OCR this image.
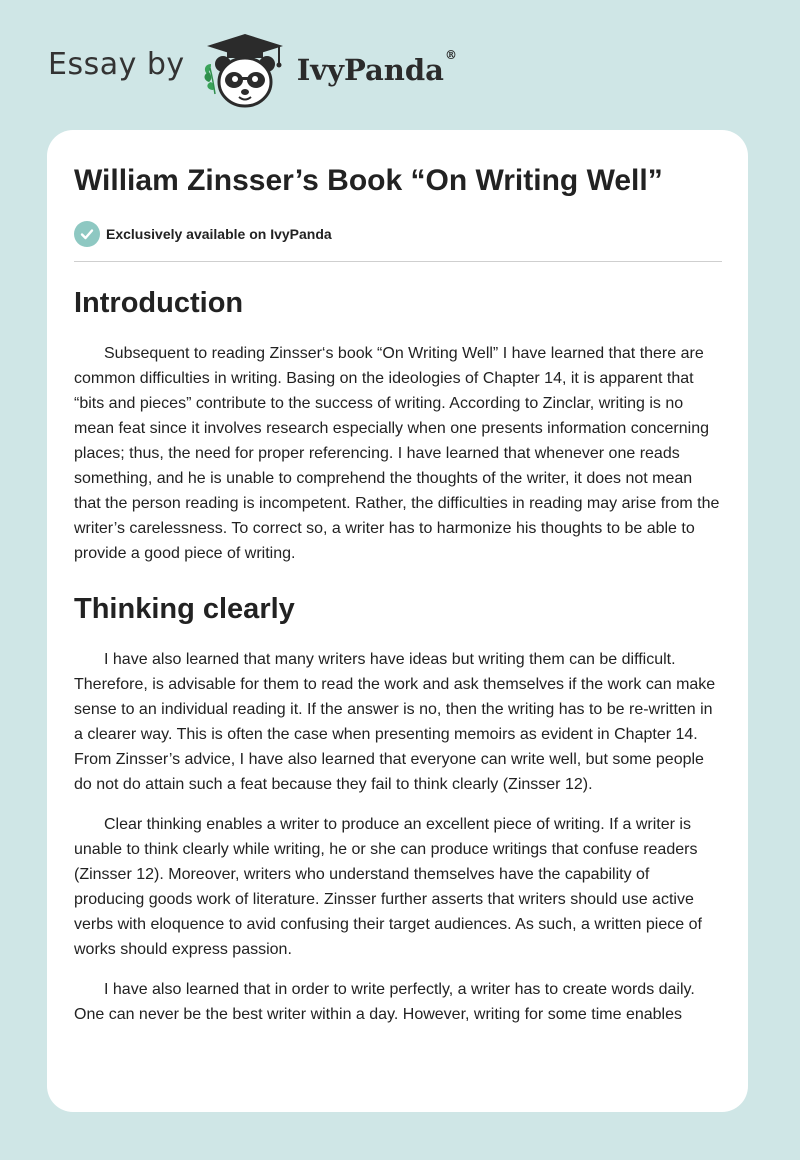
Essay by	IvyPanda®
William Zinsser’s Book “On Writing Well”
Exclusively available on IvyPanda
Introduction

Subsequent to reading Zinsser‘s book “On Writing Well” I have learned that there are common difficulties in writing. Basing on the ideologies of Chapter 14, it is apparent that “bits and pieces” contribute to the success of writing. According to Zinclar, writing is no mean feat since it involves research especially when one presents information concerning places; thus, the need for proper referencing. I have learned that whenever one reads something, and he is unable to comprehend the thoughts of the writer, it does not mean that the person reading is incompetent. Rather, the difficulties in reading may arise from the writer’s carelessness. To correct so, a writer has to harmonize his thoughts to be able to provide a good piece of writing.

Thinking clearly

I have also learned that many writers have ideas but writing them can be difficult. Therefore, is advisable for them to read the work and ask themselves if the work can make sense to an individual reading it. If the answer is no, then the writing has to be re-written in a clearer way. This is often the case when presenting memoirs as evident in Chapter 14. From Zinsser’s advice, I have also learned that everyone can write well, but some people do not do attain such a feat because they fail to think clearly (Zinsser 12).

Clear thinking enables a writer to produce an excellent piece of writing. If a writer is unable to think clearly while writing, he or she can produce writings that confuse readers (Zinsser 12). Moreover, writers who understand themselves have the capability of producing goods work of literature. Zinsser further asserts that writers should use active verbs with eloquence to avid confusing their target audiences. As such, a written piece of works should express passion.

I have also learned that in order to write perfectly, a writer has to create words daily. One can never be the best writer within a day. However, writing for some time enables
